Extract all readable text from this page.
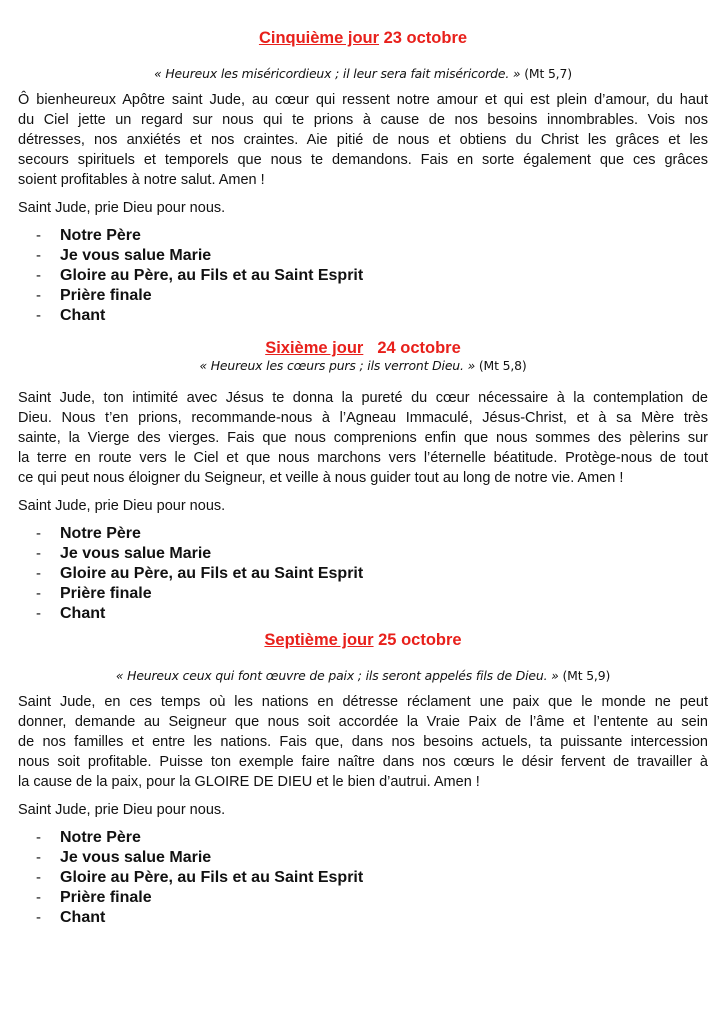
Cinquième jour 23 octobre

« Heureux les miséricordieux ; il leur sera fait miséricorde. » (Mt 5,7)

Ô bienheureux Apôtre saint Jude, au cœur qui ressent notre amour et qui est plein d’amour, du haut
du Ciel jette un regard sur nous qui te prions à cause de nos besoins innombrables. Vois nos
détresses, nos anxiétés et nos craintes. Aie pitié de nous et obtiens du Christ les grâces et les
secours spirituels et temporels que nous te demandons. Fais en sorte également que ces grâces
soient profitables à notre salut. Amen !

Saint Jude, prie Dieu pour nous.

- Notre Père
- Je vous salue Marie
- Gloire au Père, au Fils et au Saint Esprit
- Prière finale
- Chant
Sixième jour 24 octobre

« Heureux les cœurs purs ; ils verront Dieu. » (Mt 5,8)

Saint Jude, ton intimité avec Jésus te donna la pureté du cœur nécessaire à la contemplation de
Dieu. Nous t’en prions, recommande-nous à l’Agneau Immaculé, Jésus-Christ, et à sa Mère très
sainte, la Vierge des vierges. Fais que nous comprenions enfin que nous sommes des pèlerins sur
la terre en route vers le Ciel et que nous marchons vers l’éternelle béatitude. Protège-nous de tout
ce qui peut nous éloigner du Seigneur, et veille à nous guider tout au long de notre vie. Amen !

Saint Jude, prie Dieu pour nous.

- Notre Père
- Je vous salue Marie
- Gloire au Père, au Fils et au Saint Esprit
- Prière finale
- Chant
Septième jour 25 octobre

« Heureux ceux qui font œuvre de paix ; ils seront appelés fils de Dieu. » (Mt 5,9)

Saint Jude, en ces temps où les nations en détresse réclament une paix que le monde ne peut
donner, demande au Seigneur que nous soit accordée la Vraie Paix de l’âme et l’entente au sein
de nos familles et entre les nations. Fais que, dans nos besoins actuels, ta puissante intercession
nous soit profitable. Puisse ton exemple faire naître dans nos cœurs le désir fervent de travailler à
la cause de la paix, pour la GLOIRE DE DIEU et le bien d’autrui. Amen !

Saint Jude, prie Dieu pour nous.

- Notre Père
- Je vous salue Marie
- Gloire au Père, au Fils et au Saint Esprit
- Prière finale
- Chant
